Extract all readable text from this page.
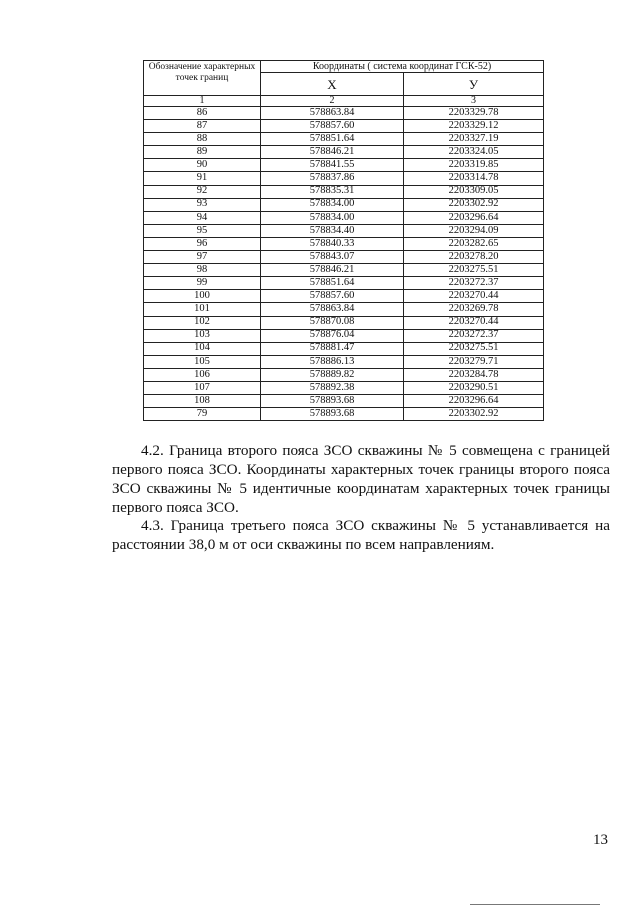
Обозначение характерных точек границ	Координаты ( система координат ГСК-52)	
	X	У
1	2	3
86	578863.84	2203329.78
87	578857.60	2203329.12
88	578851.64	2203327.19
89	578846.21	2203324.05
90	578841.55	2203319.85
91	578837.86	2203314.78
92	578835.31	2203309.05
93	578834.00	2203302.92
94	578834.00	2203296.64
95	578834.40	2203294.09
96	578840.33	2203282.65
97	578843.07	2203278.20
98	578846.21	2203275.51
99	578851.64	2203272.37
100	578857.60	2203270.44
101	578863.84	2203269.78
102	578870.08	2203270.44
103	578876.04	2203272.37
104	578881.47	2203275.51
105	578886.13	2203279.71
106	578889.82	2203284.78
107	578892.38	2203290.51
108	578893.68	2203296.64
79	578893.68	2203302.92

4.2. Граница второго пояса ЗСО скважины № 5 совмещена с границей

первого пояса ЗСО. Координаты характерных точек границы второго пояса ЗСО скважины № 5 идентичные координатам характерных точек границы первого пояса ЗСО.

4.3. Граница третьего пояса ЗСО скважины № 5 устанавливается на

расстоянии 38,0 м от оси скважины по всем направлениям.

13
